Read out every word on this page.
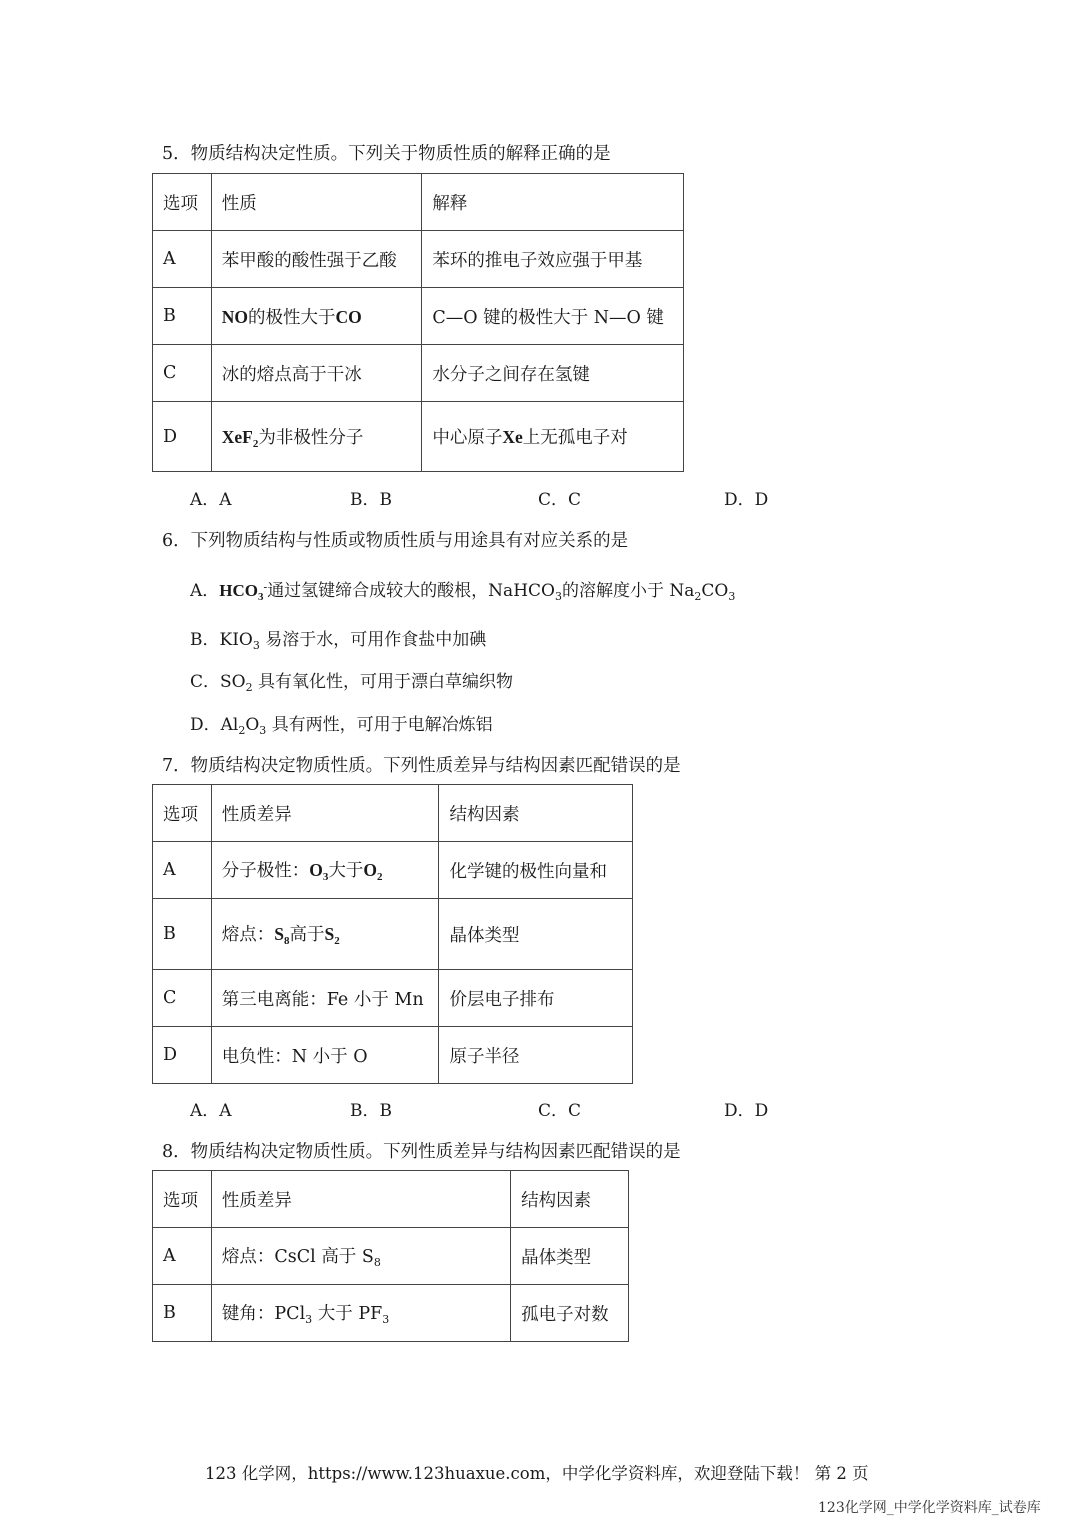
5．物质结构决定性质。下列关于物质性质的解释正确的是
选项	性质	解释
A	苯甲酸的酸性强于乙酸	苯环的推电子效应强于甲基
B	NO的极性大于CO	C—O 键的极性大于 N—O 键
C	冰的熔点高于干冰	水分子之间存在氢键
D	XeF$_2$为非极性分子	中心原子Xe上无孤电子对
A．A	B．B	C．C	D．D
6．下列物质结构与性质或物质性质与用途具有对应关系的是
A．$HCO_3^-$通过氢键缔合成较大的酸根，NaHCO$_3$的溶解度小于 $Na_2CO_3$
B．$KIO_3$ 易溶于水，可用作食盐中加碘
C．$SO_2$ 具有氧化性，可用于漂白草编织物
D．$Al_2O_3$ 具有两性，可用于电解冶炼铝
7．物质结构决定物质性质。下列性质差异与结构因素匹配错误的是
选项	性质差异	结构因素
A	分子极性：$O_3$大于$O_2$	化学键的极性向量和
B	熔点：$S_8$高于$S_2$	晶体类型
C	第三电离能：Fe 小于 Mn	价层电子排布
D	电负性：N 小于 O	原子半径
A．A	B．B	C．C	D．D
8．物质结构决定物质性质。下列性质差异与结构因素匹配错误的是
选项	性质差异	结构因素
A	熔点：CsCl 高于 $S_8$	晶体类型
B	键角：PCl$_3$ 大于 $PF_3$	孤电子对数
123 化学网，https://www.123huaxue.com，中学化学资料库，欢迎登陆下载！ 第 2 页
123化学网_中学化学资料库_试卷库
